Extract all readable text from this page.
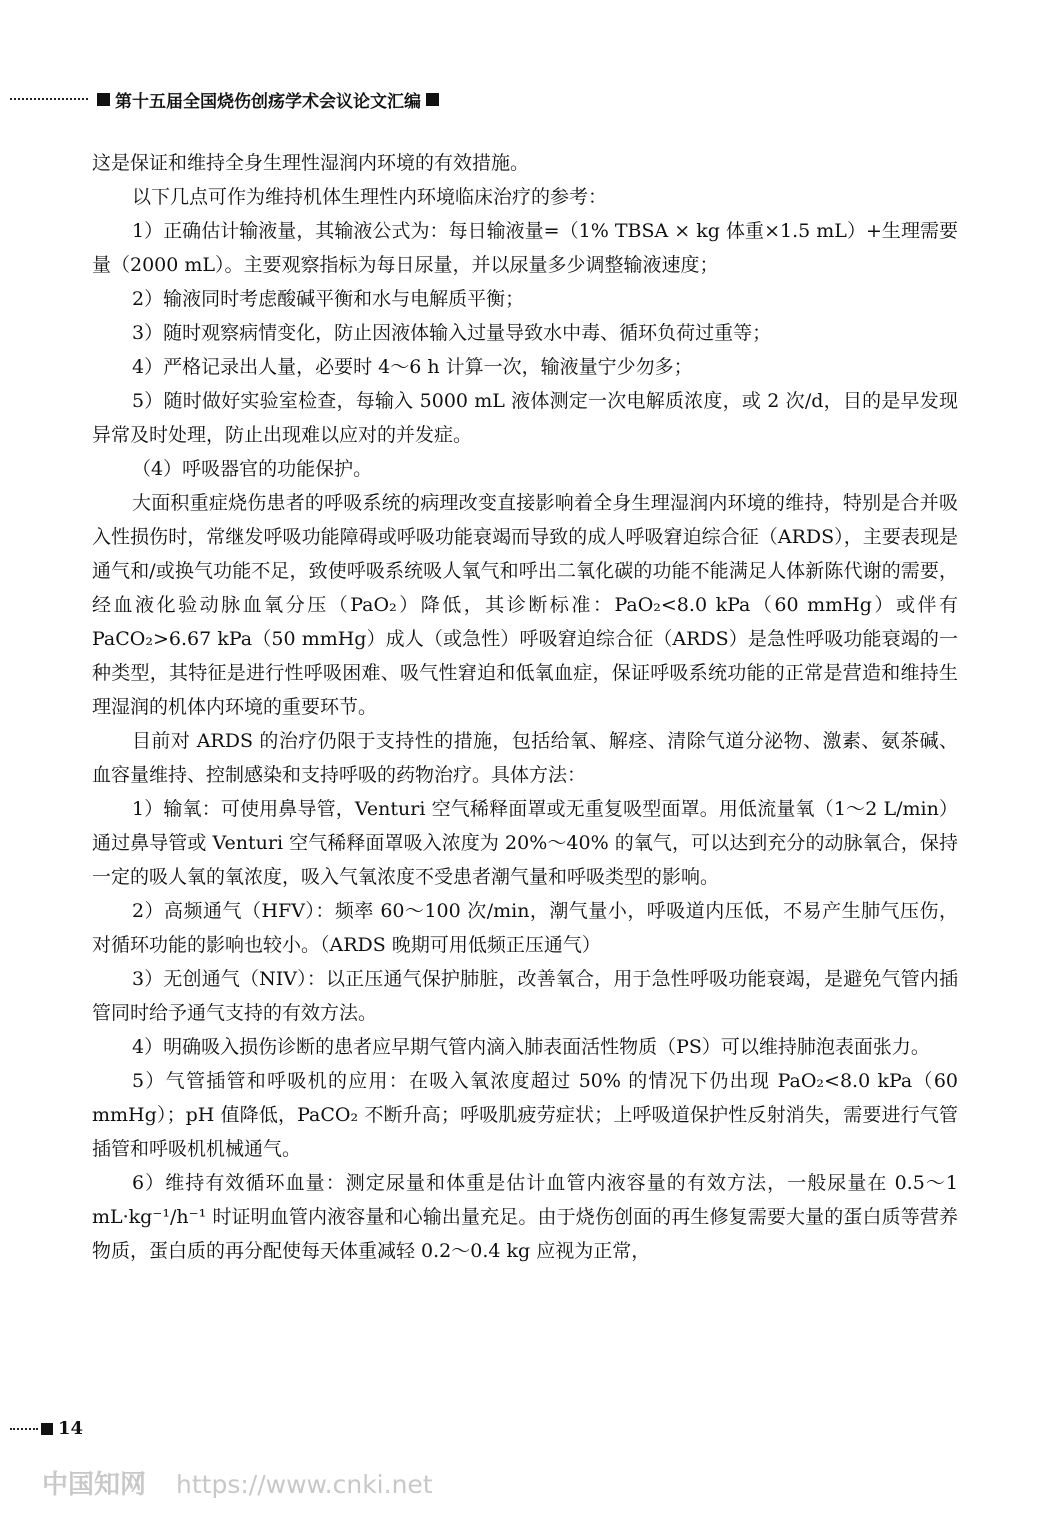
第十五届全国烧伤创疡学术会议论文汇编

这是保证和维持全身生理性湿润内环境的有效措施。

以下几点可作为维持机体生理性内环境临床治疗的参考：

1）正确估计输液量，其输液公式为：每日输液量=（1% TBSA × kg 体重×1.5 mL）+生理需要量（2000 mL）。主要观察指标为每日尿量，并以尿量多少调整输液速度；

2）输液同时考虑酸碱平衡和水与电解质平衡；

3）随时观察病情变化，防止因液体输入过量导致水中毒、循环负荷过重等；

4）严格记录出人量，必要时 4～6 h 计算一次，输液量宁少勿多；

5）随时做好实验室检查，每输入 5000 mL 液体测定一次电解质浓度，或 2 次/d，目的是早发现异常及时处理，防止出现难以应对的并发症。

（4）呼吸器官的功能保护。

大面积重症烧伤患者的呼吸系统的病理改变直接影响着全身生理湿润内环境的维持，特别是合并吸入性损伤时，常继发呼吸功能障碍或呼吸功能衰竭而导致的成人呼吸窘迫综合征（ARDS），主要表现是通气和/或换气功能不足，致使呼吸系统吸人氧气和呼出二氧化碳的功能不能满足人体新陈代谢的需要，经血液化验动脉血氧分压（PaO₂）降低，其诊断标准：PaO₂<8.0 kPa（60 mmHg）或伴有 PaCO₂>6.67 kPa（50 mmHg）成人（或急性）呼吸窘迫综合征（ARDS）是急性呼吸功能衰竭的一种类型，其特征是进行性呼吸困难、吸气性窘迫和低氧血症，保证呼吸系统功能的正常是营造和维持生理湿润的机体内环境的重要环节。

目前对 ARDS 的治疗仍限于支持性的措施，包括给氧、解痉、清除气道分泌物、激素、氨茶碱、血容量维持、控制感染和支持呼吸的药物治疗。具体方法：

1）输氧：可使用鼻导管，Venturi 空气稀释面罩或无重复吸型面罩。用低流量氧（1～2 L/min）通过鼻导管或 Venturi 空气稀释面罩吸入浓度为 20%～40% 的氧气，可以达到充分的动脉氧合，保持一定的吸人氧的氧浓度，吸入气氧浓度不受患者潮气量和呼吸类型的影响。

2）高频通气（HFV）：频率 60～100 次/min，潮气量小，呼吸道内压低，不易产生肺气压伤，对循环功能的影响也较小。（ARDS 晚期可用低频正压通气）

3）无创通气（NIV）：以正压通气保护肺脏，改善氧合，用于急性呼吸功能衰竭，是避免气管内插管同时给予通气支持的有效方法。

4）明确吸入损伤诊断的患者应早期气管内滴入肺表面活性物质（PS）可以维持肺泡表面张力。

5）气管插管和呼吸机的应用：在吸入氧浓度超过 50% 的情况下仍出现 PaO₂<8.0 kPa（60 mmHg）；pH 值降低，PaCO₂ 不断升高；呼吸肌疲劳症状；上呼吸道保护性反射消失，需要进行气管插管和呼吸机机械通气。

6）维持有效循环血量：测定尿量和体重是估计血管内液容量的有效方法，一般尿量在 0.5～1 mL·kg⁻¹/h⁻¹ 时证明血管内液容量和心输出量充足。由于烧伤创面的再生修复需要大量的蛋白质等营养物质，蛋白质的再分配使每天体重减轻 0.2～0.4 kg 应视为正常，

14
中国知网 https://www.cnki.net
